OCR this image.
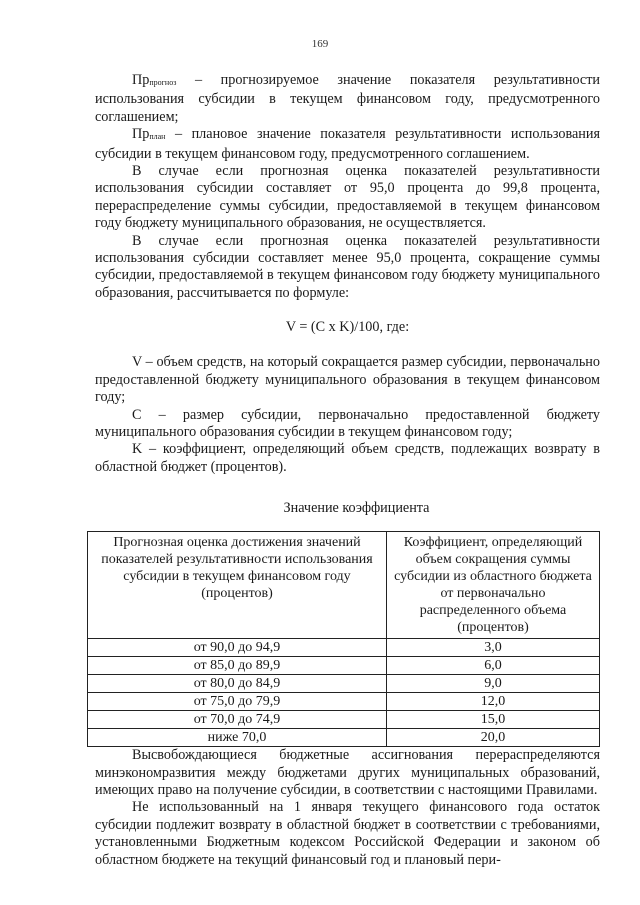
169

$Пр_{прогноз}$ – прогнозируемое значение показателя результативности использования субсидии в текущем финансовом году, предусмотренного соглашением;

$Пр_{план}$ – плановое значение показателя результативности использования субсидии в текущем финансовом году, предусмотренного соглашением.

В случае если прогнозная оценка показателей результативности использования субсидии составляет от 95,0 процента до 99,8 процента, перераспределение суммы субсидии, предоставляемой в текущем финансовом году бюджету муниципального образования, не осуществляется.

В случае если прогнозная оценка показателей результативности использования субсидии составляет менее 95,0 процента, сокращение суммы субсидии, предоставляемой в текущем финансовом году бюджету муниципального образования, рассчитывается по формуле:

V = (C x K)/100, где:

V – объем средств, на который сокращается размер субсидии, первоначально предоставленной бюджету муниципального образования в текущем финансовом году;

C – размер субсидии, первоначально предоставленной бюджету муниципального образования субсидии в текущем финансовом году;

K – коэффициент, определяющий объем средств, подлежащих возврату в областной бюджет (процентов).

Значение коэффициента
Прогнозная оценка достижения значений показателей результативности использования субсидии в текущем финансовом году (процентов)	Коэффициент, определяющий объем сокращения суммы субсидии из областного бюджета от первоначально распределенного объема (процентов)
от 90,0 до 94,9	3,0
от 85,0 до 89,9	6,0
от 80,0 до 84,9	9,0
от 75,0 до 79,9	12,0
от 70,0 до 74,9	15,0
ниже 70,0	20,0

Высвобождающиеся бюджетные ассигнования перераспределяются минэкономразвития между бюджетами других муниципальных образований, имеющих право на получение субсидии, в соответствии с настоящими Правилами.

Не использованный на 1 января текущего финансового года остаток субсидии подлежит возврату в областной бюджет в соответствии с требованиями, установленными Бюджетным кодексом Российской Федерации и законом об областном бюджете на текущий финансовый год и плановый пери-
